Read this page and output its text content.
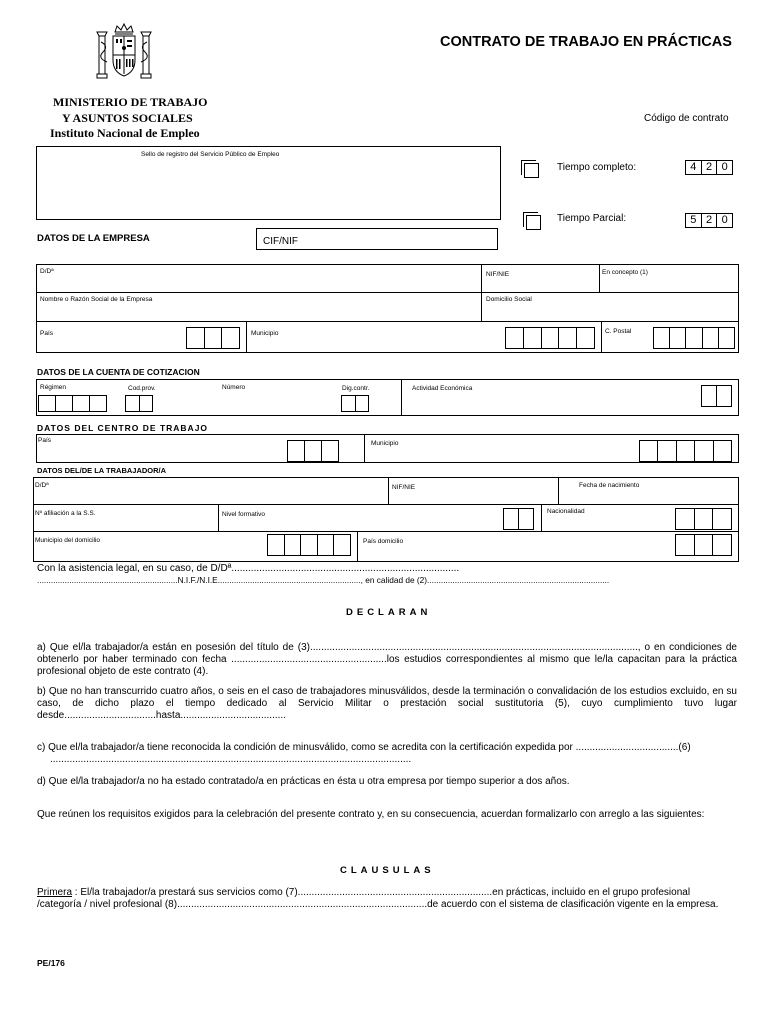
CONTRATO DE TRABAJO EN PRÁCTICAS
MINISTERIO DE TRABAJO
Y ASUNTOS SOCIALES
Instituto Nacional de Empleo
Código de contrato
Sello de registro del Servicio Público de Empleo
Tiempo completo:	4 2 0
Tiempo Parcial:	5 2 0
DATOS DE LA EMPRESA	CIF/NIF
D/Dª	NIF/NIE	En concepto (1)
Nombre o Razón Social de la Empresa	Domicilio Social
País	Municipio	C. Postal
DATOS DE LA CUENTA DE COTIZACION
Régimen	Cod.prov.	Número	Dig.contr.	Actividad Económica
DATOS DEL CENTRO DE TRABAJO
País	Municipio
DATOS DEL/DE LA TRABAJADOR/A
D/Dª	NIF/NIE	Fecha de nacimiento
Nº afiliación a la S.S.	Nivel formativo	Nacionalidad
Municipio del domicilio	País domicilio
Con la asistencia legal, en su caso, de D/Dª..................................................................................
.............................................................N.I.F./N.I.E.............................................................., en calidad de (2)...............................................................................
DECLARAN
a) Que el/la trabajador/a están en posesión del título de (3)......................................................................................................................, o en condiciones de obtenerlo por haber terminado con fecha ........................................................los estudios correspondientes al mismo que le/la capacitan para la práctica profesional objeto de este contrato (4).
b) Que no han transcurrido cuatro años, o seis en el caso de trabajadores minusválidos, desde la terminación o convalidación de los estudios excluido, en su caso, de dicho plazo el tiempo dedicado al Servicio Militar o prestación social sustitutoria (5), cuyo cumplimiento tuvo lugar desde.................................hasta......................................
c) Que el/la trabajador/a tiene reconocida la condición de minusválido, como se acredita con la certificación expedida por .....................................(6)
..................................................................................................................................
d) Que el/la trabajador/a no ha estado contratado/a en prácticas en ésta u otra empresa por tiempo superior a dos años.
Que reúnen los requisitos exigidos para la celebración del presente contrato y, en su consecuencia, acuerdan formalizarlo con arreglo a las siguientes:
CLAUSULAS
Primera : El/la trabajador/a prestará sus servicios como (7)......................................................................en prácticas, incluido en el grupo profesional /categoría / nivel profesional (8)..........................................................................................de acuerdo con el sistema de clasificación vigente en la empresa.
PE/176
